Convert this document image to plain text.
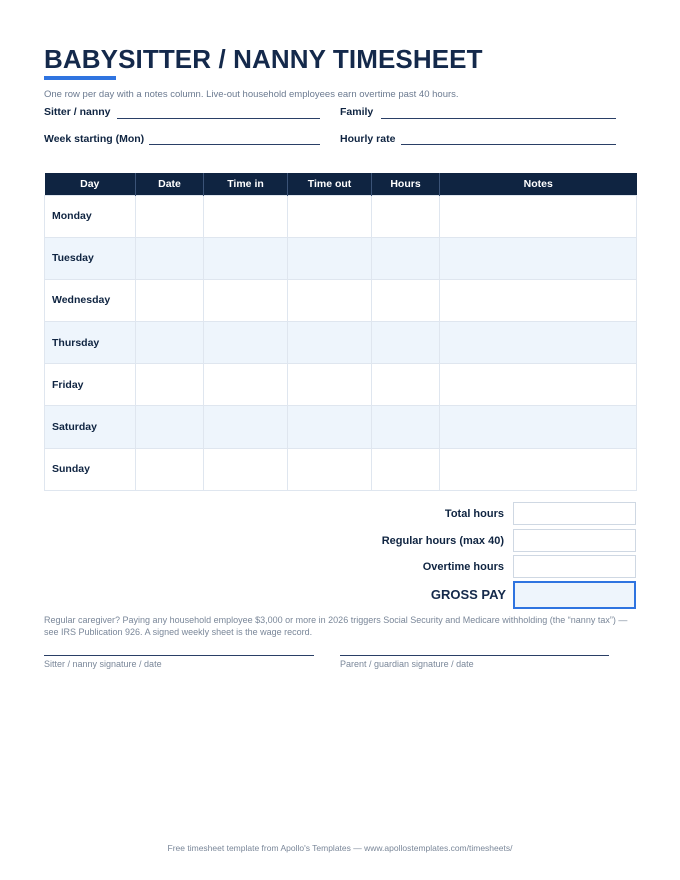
BABYSITTER / NANNY TIMESHEET
One row per day with a notes column. Live-out household employees earn overtime past 40 hours.
Sitter / nanny	Family
Week starting (Mon)	Hourly rate
Day	Date	Time in	Time out	Hours	Notes
Monday					
Tuesday					
Wednesday					
Thursday					
Friday					
Saturday					
Sunday					
Total hours
Regular hours (max 40)
Overtime hours
GROSS PAY
Regular caregiver? Paying any household employee $3,000 or more in 2026 triggers Social Security and Medicare withholding (the “nanny tax”) — see IRS Publication 926. A signed weekly sheet is the wage record.
Sitter / nanny signature / date	Parent / guardian signature / date
Free timesheet template from Apollo's Templates — www.apollostemplates.com/timesheets/
